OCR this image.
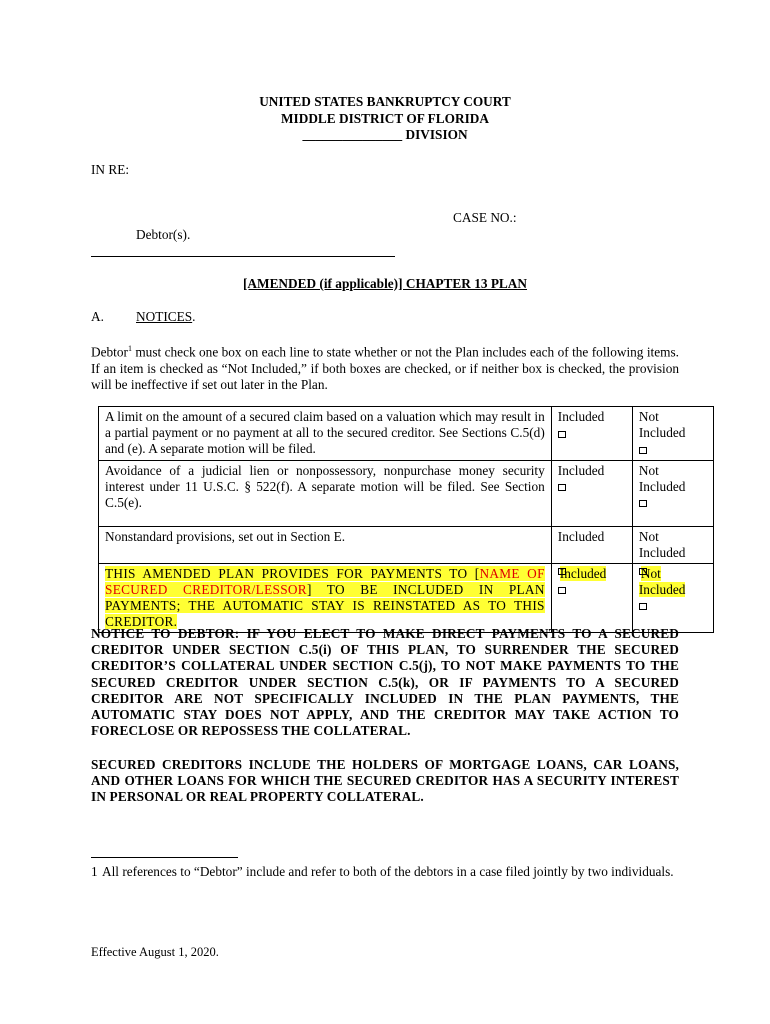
UNITED STATES BANKRUPTCY COURT
MIDDLE DISTRICT OF FLORIDA
_______________ DIVISION
IN RE:
CASE NO.:
Debtor(s).
[AMENDED (if applicable)] CHAPTER 13 PLAN
A. NOTICES.
Debtor$^1$ must check one box on each line to state whether or not the Plan includes each of the following items. If an item is checked as “Not Included,” if both boxes are checked, or if neither box is checked, the provision will be ineffective if set out later in the Plan.
A limit on the amount of a secured claim based on a valuation which may result in a partial payment or no payment at all to the secured creditor. See Sections C.5(d) and (e). A separate motion will be filed.	Included	Not Included

Avoidance of a judicial lien or nonpossessory, nonpurchase money security interest under 11 U.S.C. § 522(f). A separate motion will be filed. See Section C.5(e).	Included	Not Included

Nonstandard provisions, set out in Section E.	Included	Not Included

THIS AMENDED PLAN PROVIDES FOR PAYMENTS TO [NAME OF SECURED CREDITOR/LESSOR] TO BE INCLUDED IN PLAN PAYMENTS; THE AUTOMATIC STAY IS REINSTATED AS TO THIS CREDITOR.	Included	Not Included
NOTICE TO DEBTOR: IF YOU ELECT TO MAKE DIRECT PAYMENTS TO A SECURED CREDITOR UNDER SECTION C.5(i) OF THIS PLAN, TO SURRENDER THE SECURED CREDITOR’S COLLATERAL UNDER SECTION C.5(j), TO NOT MAKE PAYMENTS TO THE SECURED CREDITOR UNDER SECTION C.5(k), OR IF PAYMENTS TO A SECURED CREDITOR ARE NOT SPECIFICALLY INCLUDED IN THE PLAN PAYMENTS, THE AUTOMATIC STAY DOES NOT APPLY, AND THE CREDITOR MAY TAKE ACTION TO FORECLOSE OR REPOSSESS THE COLLATERAL.
SECURED CREDITORS INCLUDE THE HOLDERS OF MORTGAGE LOANS, CAR LOANS, AND OTHER LOANS FOR WHICH THE SECURED CREDITOR HAS A SECURITY INTEREST IN PERSONAL OR REAL PROPERTY COLLATERAL.
1 All references to “Debtor” include and refer to both of the debtors in a case filed jointly by two individuals.
Effective August 1, 2020.
